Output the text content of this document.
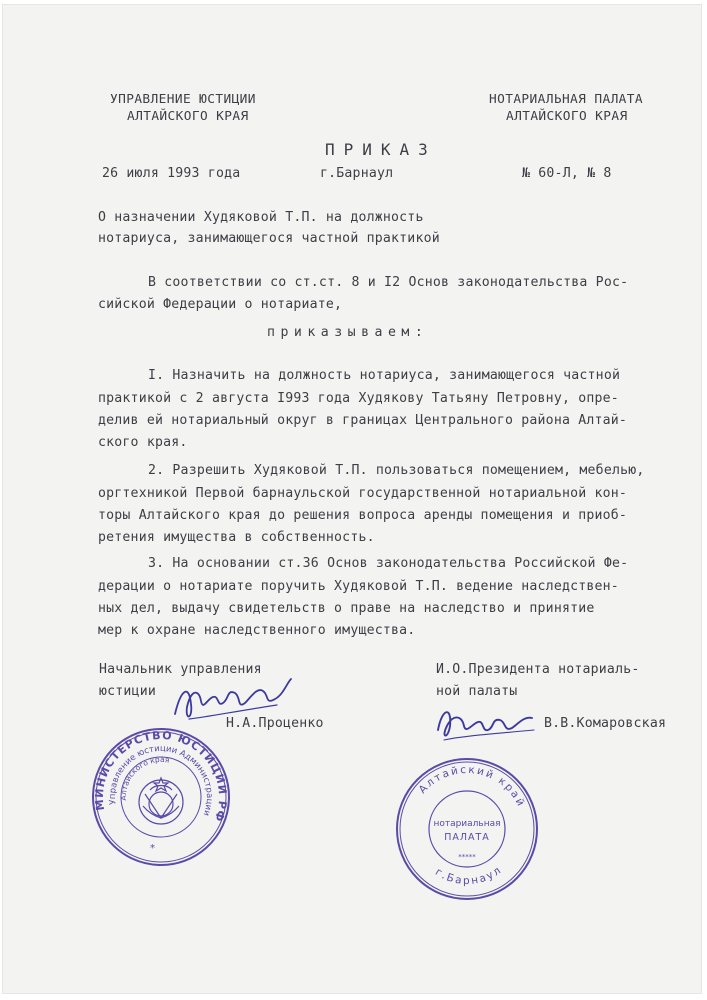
УПРАВЛЕНИЕ ЮСТИЦИИ
АЛТАЙСКОГО КРАЯ
НОТАРИАЛЬНАЯ ПАЛАТА
АЛТАЙСКОГО КРАЯ
ПРИКАЗ
26 июля 1993 года	г.Барнаул	№ 60-Л, № 8
О назначении Худяковой Т.П. на должность
нотариуса, занимающегося частной практикой
В соответствии со ст.ст. 8 и I2 Основ законодательства Рос-
сийской Федерации о нотариате,
приказываем:
I. Назначить на должность нотариуса, занимающегося частной
практикой с 2 августа I993 года Худякову Татьяну Петровну, опре-
делив ей нотариальный округ в границах Центрального района Алтай-
ского края.
2. Разрешить Худяковой Т.П. пользоваться помещением, мебелью,
оргтехникой Первой барнаульской государственной нотариальной кон-
торы Алтайского края до решения вопроса аренды помещения и приоб-
ретения имущества в собственность.
3. На основании ст.36 Основ законодательства Российской Фе-
дерации о нотариате поручить Худяковой Т.П. ведение наследствен-
ных дел, выдачу свидетельств о праве на наследство и принятие
мер к охране наследственного имущества.
Начальник управления
юстиции
Н.А.Проценко
И.О.Президента нотариаль-
ной палаты
В.В.Комаровская
МИНИСТЕРСТВО ЮСТИЦИИ РФ
Управление юстиции Администрации
Алтайского края
*
Алтайский край
г.Барнаул
нотариальная
ПАЛАТА
*****
